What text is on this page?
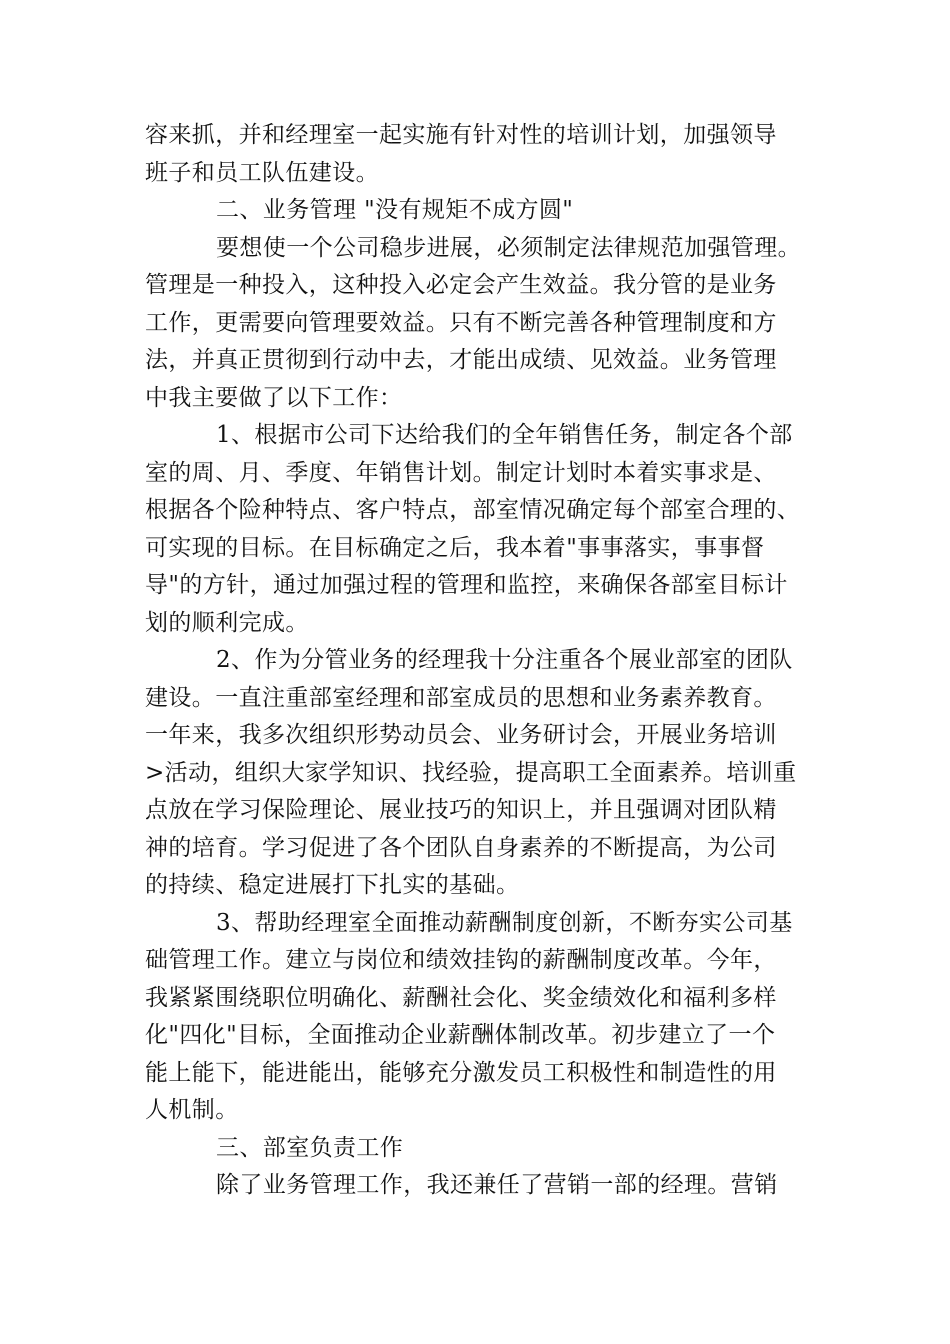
容来抓，并和经理室一起实施有针对性的培训计划，加强领导
班子和员工队伍建设。
二、业务管理 "没有规矩不成方圆"
要想使一个公司稳步进展，必须制定法律规范加强管理。
管理是一种投入，这种投入必定会产生效益。我分管的是业务
工作，更需要向管理要效益。只有不断完善各种管理制度和方
法，并真正贯彻到行动中去，才能出成绩、见效益。业务管理
中我主要做了以下工作：
1、根据市公司下达给我们的全年销售任务，制定各个部
室的周、月、季度、年销售计划。制定计划时本着实事求是、
根据各个险种特点、客户特点，部室情况确定每个部室合理的、
可实现的目标。在目标确定之后，我本着"事事落实，事事督
导"的方针，通过加强过程的管理和监控，来确保各部室目标计
划的顺利完成。
2、作为分管业务的经理我十分注重各个展业部室的团队
建设。一直注重部室经理和部室成员的思想和业务素养教育。
一年来，我多次组织形势动员会、业务研讨会，开展业务培训
>活动，组织大家学知识、找经验，提高职工全面素养。培训重
点放在学习保险理论、展业技巧的知识上，并且强调对团队精
神的培育。学习促进了各个团队自身素养的不断提高，为公司
的持续、稳定进展打下扎实的基础。
3、帮助经理室全面推动薪酬制度创新，不断夯实公司基
础管理工作。建立与岗位和绩效挂钩的薪酬制度改革。今年，
我紧紧围绕职位明确化、薪酬社会化、奖金绩效化和福利多样
化"四化"目标，全面推动企业薪酬体制改革。初步建立了一个
能上能下，能进能出，能够充分激发员工积极性和制造性的用
人机制。
三、部室负责工作
除了业务管理工作，我还兼任了营销一部的经理。营销
